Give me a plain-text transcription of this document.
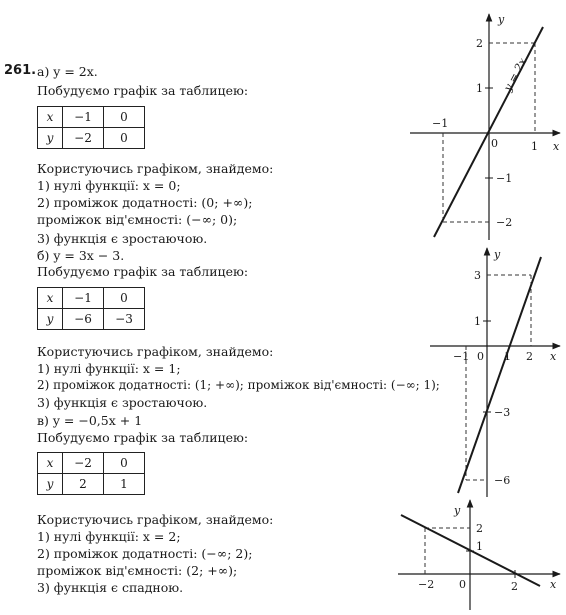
261. а) y = 2x.
Побудуємо графік за таблицею:
x	−1	0
y	−2	0
Користуючись графіком, знайдемо:
1) нулі функції: x = 0;
2) проміжок додатності: (0; +∞);
проміжок від'ємності: (−∞; 0);
3) функція є зростаючою.
б) y = 3x − 3.
Побудуємо графік за таблицею:
x	−1	0
y	−6	−3
Користуючись графіком, знайдемо:
1) нулі функції: x = 1;
2) проміжок додатності: (1; +∞); проміжок від'ємності: (−∞; 1);
3) функція є зростаючою.
в) y = −0,5x + 1
Побудуємо графік за таблицею:
x	−2	0
y	2	1
Користуючись графіком, знайдемо:
1) нулі функції: x = 2;
2) проміжок додатності: (−∞; 2);
проміжок від'ємності: (2; +∞);
3) функція є спадною.
x
y
2
1
−1
−2
−1
0	1
y = 2x
x
y
3
1
−1 0 1 2
−3
−6
x
y
2
1
−2 0	2
